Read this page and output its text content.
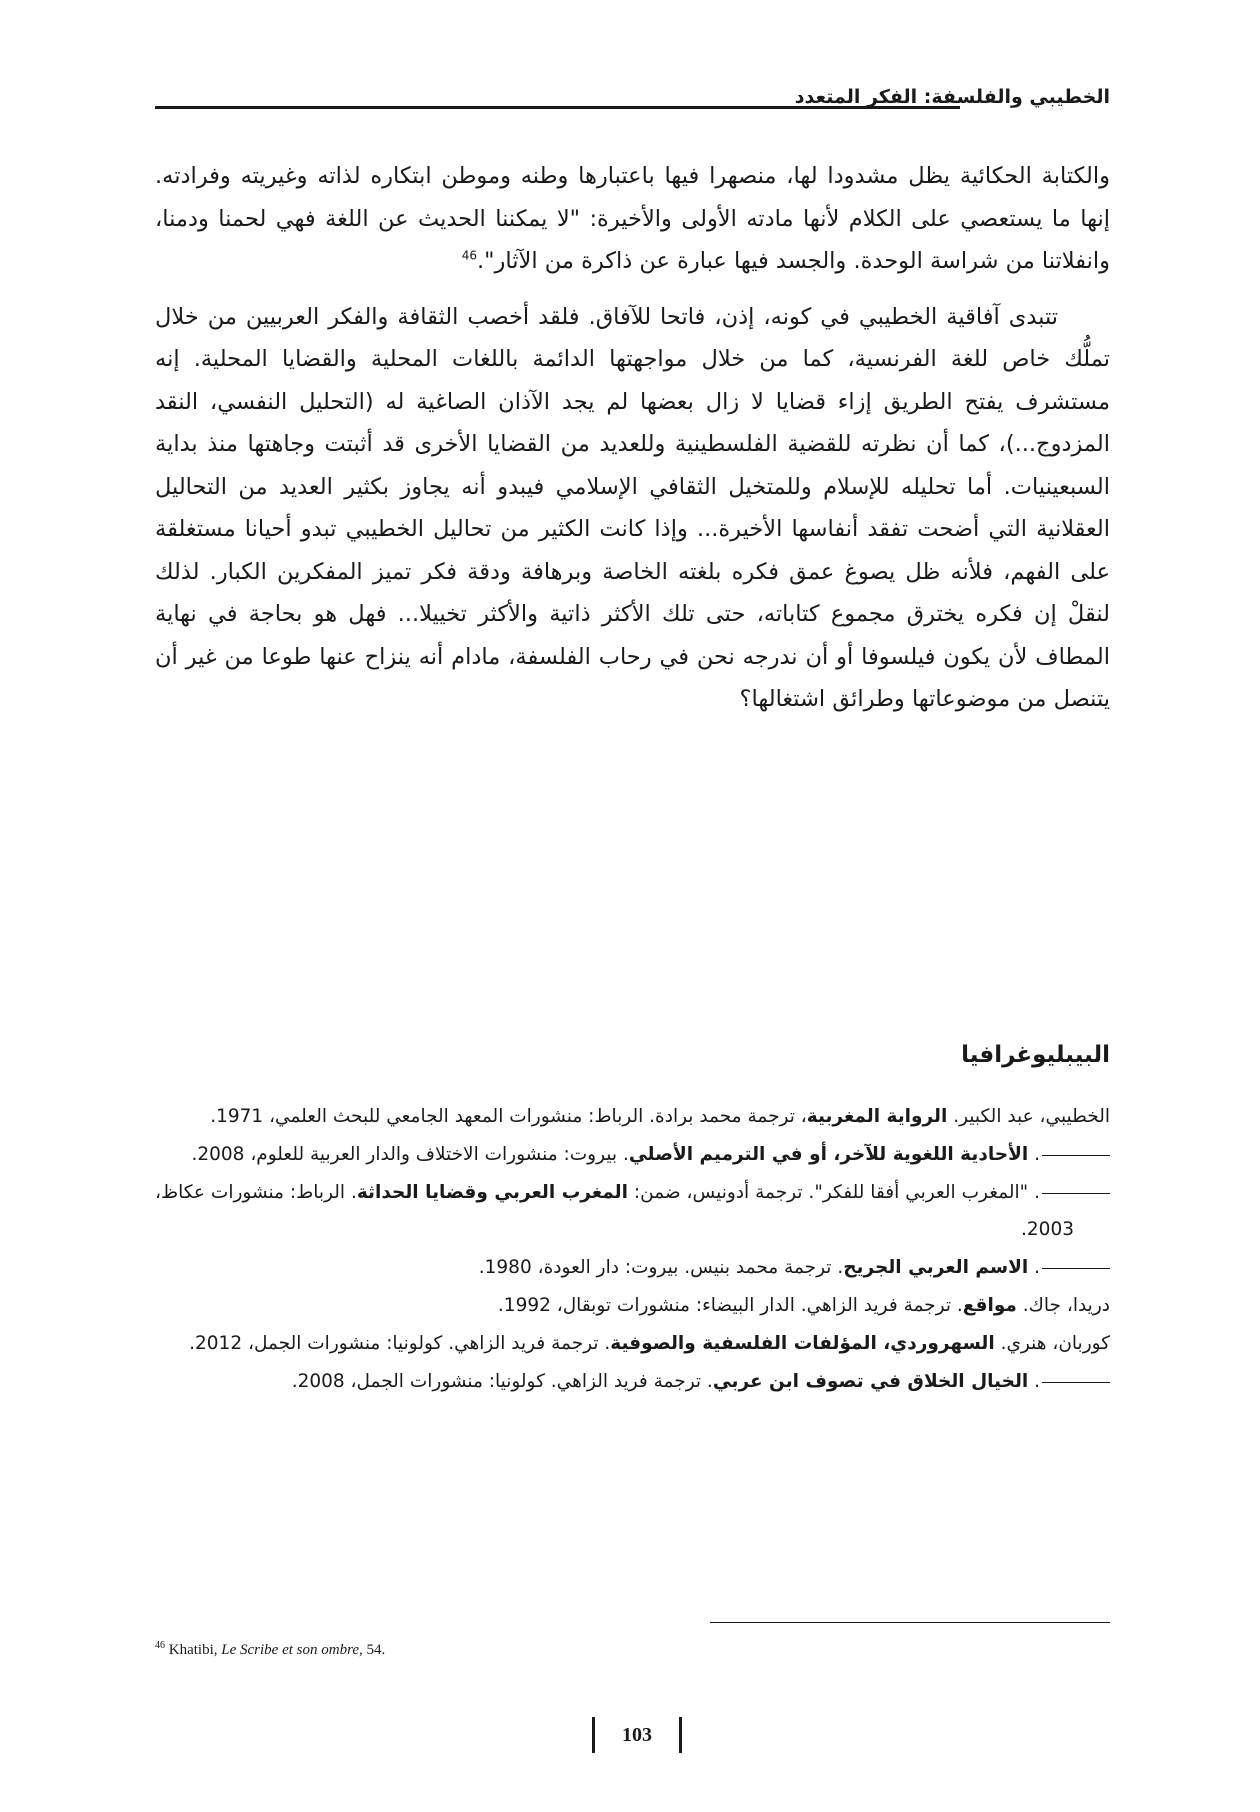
الخطيبي والفلسفة: الفكر المتعدد

والكتابة الحكائية يظل مشدودا لها، منصهرا فيها باعتبارها وطنه وموطن ابتكاره لذاته وغيريته وفرادته. إنها ما يستعصي على الكلام لأنها مادته الأولى والأخيرة: "لا يمكننا الحديث عن اللغة فهي لحمنا ودمنا، وانفلاتنا من شراسة الوحدة. والجسد فيها عبارة عن ذاكرة من الآثار".$^{46}$

تتبدى آفاقية الخطيبي في كونه، إذن، فاتحا للآفاق. فلقد أخصب الثقافة والفكر العربيين من خلال تملُّك خاص للغة الفرنسية، كما من خلال مواجهتها الدائمة باللغات المحلية والقضايا المحلية. إنه مستشرف يفتح الطريق إزاء قضايا لا زال بعضها لم يجد الآذان الصاغية له (التحليل النفسي، النقد المزدوج...)، كما أن نظرته للقضية الفلسطينية وللعديد من القضايا الأخرى قد أثبتت وجاهتها منذ بداية السبعينيات. أما تحليله للإسلام وللمتخيل الثقافي الإسلامي فيبدو أنه يجاوز بكثير العديد من التحاليل العقلانية التي أضحت تفقد أنفاسها الأخيرة... وإذا كانت الكثير من تحاليل الخطيبي تبدو أحيانا مستغلقة على الفهم، فلأنه ظل يصوغ عمق فكره بلغته الخاصة وبرهافة ودقة فكر تميز المفكرين الكبار. لذلك لنقلْ إن فكره يخترق مجموع كتاباته، حتى تلك الأكثر ذاتية والأكثر تخييلا... فهل هو بحاجة في نهاية المطاف لأن يكون فيلسوفا أو أن ندرجه نحن في رحاب الفلسفة، مادام أنه ينزاح عنها طوعا من غير أن يتنصل من موضوعاتها وطرائق اشتغالها؟

البيبليوغرافيا
الخطيبي، عبد الكبير. الرواية المغربية، ترجمة محمد برادة. الرباط: منشورات المعهد الجامعي للبحث العلمي، 1971.
. الأحادية اللغوية للآخر، أو في الترميم الأصلي. بيروت: منشورات الاختلاف والدار العربية للعلوم، 2008.
. "المغرب العربي أفقا للفكر". ترجمة أدونيس، ضمن: المغرب العربي وقضايا الحداثة. الرباط: منشورات عكاظ، 2003.
. الاسم العربي الجريح. ترجمة محمد بنيس. بيروت: دار العودة، 1980.
دريدا، جاك. مواقع. ترجمة فريد الزاهي. الدار البيضاء: منشورات توبقال، 1992.
كوربان، هنري. السهروردي، المؤلفات الفلسفية والصوفية. ترجمة فريد الزاهي. كولونيا: منشورات الجمل، 2012.
. الخيال الخلاق في تصوف ابن عربي. ترجمة فريد الزاهي. كولونيا: منشورات الجمل، 2008.
$^{46}$ Khatibi, Le Scribe et son ombre, 54.
103
